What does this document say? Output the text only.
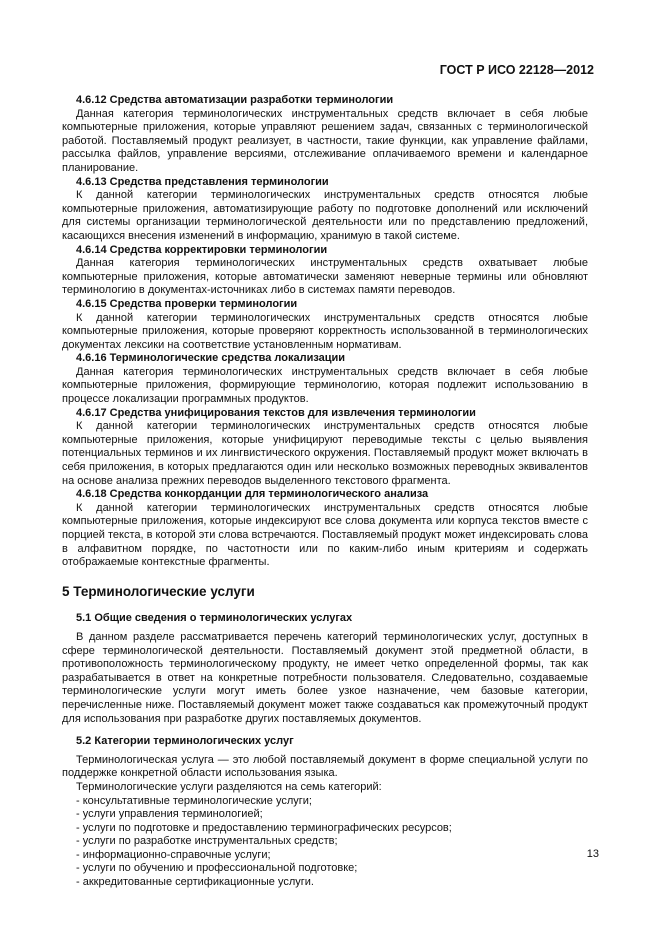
ГОСТ Р ИСО 22128—2012
4.6.12 Средства автоматизации разработки терминологии
Данная категория терминологических инструментальных средств включает в себя любые компьютерные приложения, которые управляют решением задач, связанных с терминологической работой. Поставляемый продукт реализует, в частности, такие функции, как управление файлами, рассылка файлов, управление версиями, отслеживание оплачиваемого времени и календарное планирование.
4.6.13 Средства представления терминологии
К данной категории терминологических инструментальных средств относятся любые компьютерные приложения, автоматизирующие работу по подготовке дополнений или исключений для системы организации терминологической деятельности или по представлению предложений, касающихся внесения изменений в информацию, хранимую в такой системе.
4.6.14 Средства корректировки терминологии
Данная категория терминологических инструментальных средств охватывает любые компьютерные приложения, которые автоматически заменяют неверные термины или обновляют терминологию в документах-источниках либо в системах памяти переводов.
4.6.15 Средства проверки терминологии
К данной категории терминологических инструментальных средств относятся любые компьютерные приложения, которые проверяют корректность использованной в терминологических документах лексики на соответствие установленным нормативам.
4.6.16 Терминологические средства локализации
Данная категория терминологических инструментальных средств включает в себя любые компьютерные приложения, формирующие терминологию, которая подлежит использованию в процессе локализации программных продуктов.
4.6.17 Средства унифицирования текстов для извлечения терминологии
К данной категории терминологических инструментальных средств относятся любые компьютерные приложения, которые унифицируют переводимые тексты с целью выявления потенциальных терминов и их лингвистического окружения. Поставляемый продукт может включать в себя приложения, в которых предлагаются один или несколько возможных переводных эквивалентов на основе анализа прежних переводов выделенного текстового фрагмента.
4.6.18 Средства конкорданции для терминологического анализа
К данной категории терминологических инструментальных средств относятся любые компьютерные приложения, которые индексируют все слова документа или корпуса текстов вместе с порцией текста, в которой эти слова встречаются. Поставляемый продукт может индексировать слова в алфавитном порядке, по частотности или по каким-либо иным критериям и содержать отображаемые контекстные фрагменты.
5 Терминологические услуги
5.1 Общие сведения о терминологических услугах
В данном разделе рассматривается перечень категорий терминологических услуг, доступных в сфере терминологической деятельности. Поставляемый документ этой предметной области, в противоположность терминологическому продукту, не имеет четко определенной формы, так как разрабатывается в ответ на конкретные потребности пользователя. Следовательно, создаваемые терминологические услуги могут иметь более узкое назначение, чем базовые категории, перечисленные ниже. Поставляемый документ может также создаваться как промежуточный продукт для использования при разработке других поставляемых документов.
5.2 Категории терминологических услуг
Терминологическая услуга — это любой поставляемый документ в форме специальной услуги по поддержке конкретной области использования языка.
Терминологические услуги разделяются на семь категорий:
- консультативные терминологические услуги;
- услуги управления терминологией;
- услуги по подготовке и предоставлению терминографических ресурсов;
- услуги по разработке инструментальных средств;
- информационно-справочные услуги;
- услуги по обучению и профессиональной подготовке;
- аккредитованные сертификационные услуги.
13
